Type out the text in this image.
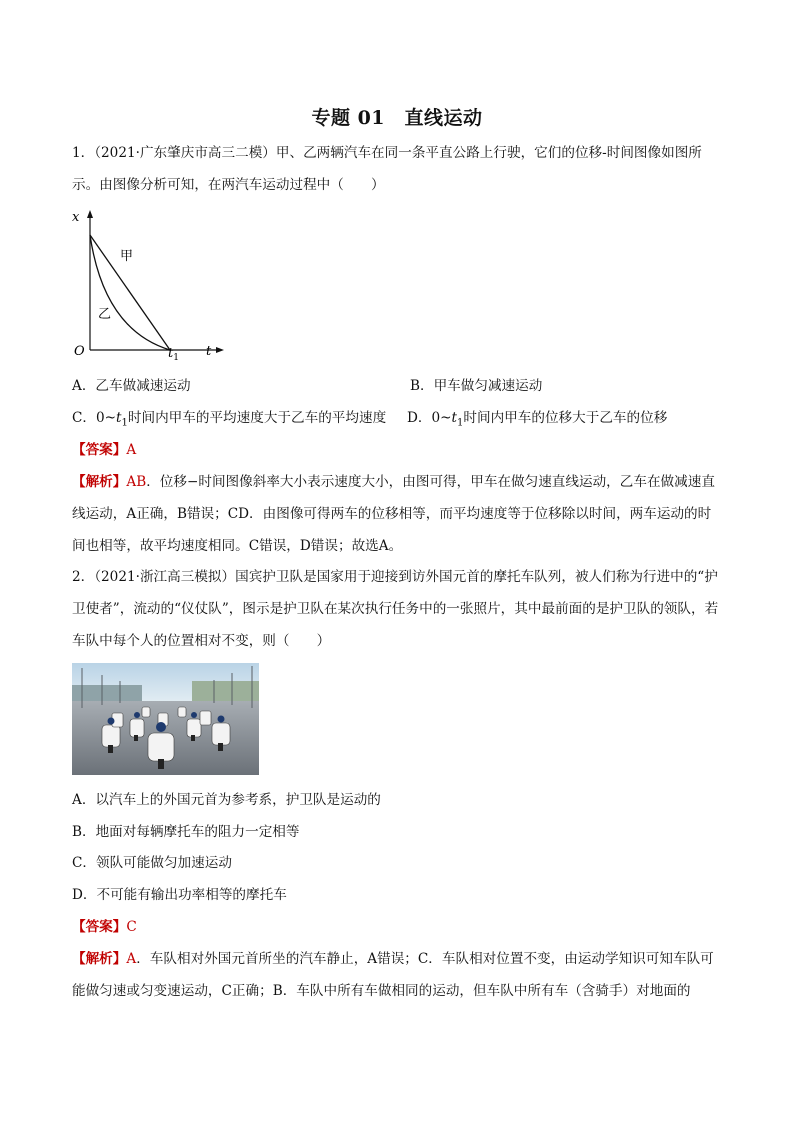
专题 01　直线运动
1．（2021·广东肇庆市高三二模）甲、乙两辆汽车在同一条平直公路上行驶，它们的位移-时间图像如图所示。由图像分析可知，在两汽车运动过程中（　　）
x
O	t
$t_1$
甲
乙
A．乙车做减速运动	B．甲车做匀减速运动
C．$0\sim t_1$时间内甲车的平均速度大于乙车的平均速度 D．$0\sim t_1$时间内甲车的位移大于乙车的位移
【答案】A
【解析】AB．位移−时间图像斜率大小表示速度大小，由图可得，甲车在做匀速直线运动，乙车在做减速直线运动，A正确，B错误；CD．由图像可得两车的位移相等，而平均速度等于位移除以时间，两车运动的时间也相等，故平均速度相同。C错误，D错误；故选A。
2．（2021·浙江高三模拟）国宾护卫队是国家用于迎接到访外国元首的摩托车队列，被人们称为行进中的“护卫使者”，流动的“仪仗队”，图示是护卫队在某次执行任务中的一张照片，其中最前面的是护卫队的领队，若车队中每个人的位置相对不变，则（　　）
A．以汽车上的外国元首为参考系，护卫队是运动的
B．地面对每辆摩托车的阻力一定相等
C．领队可能做匀加速运动
D．不可能有输出功率相等的摩托车
【答案】C
【解析】A．车队相对外国元首所坐的汽车静止，A错误；C．车队相对位置不变，由运动学知识可知车队可能做匀速或匀变速运动，C正确；B．车队中所有车做相同的运动，但车队中所有车（含骑手）对地面的
